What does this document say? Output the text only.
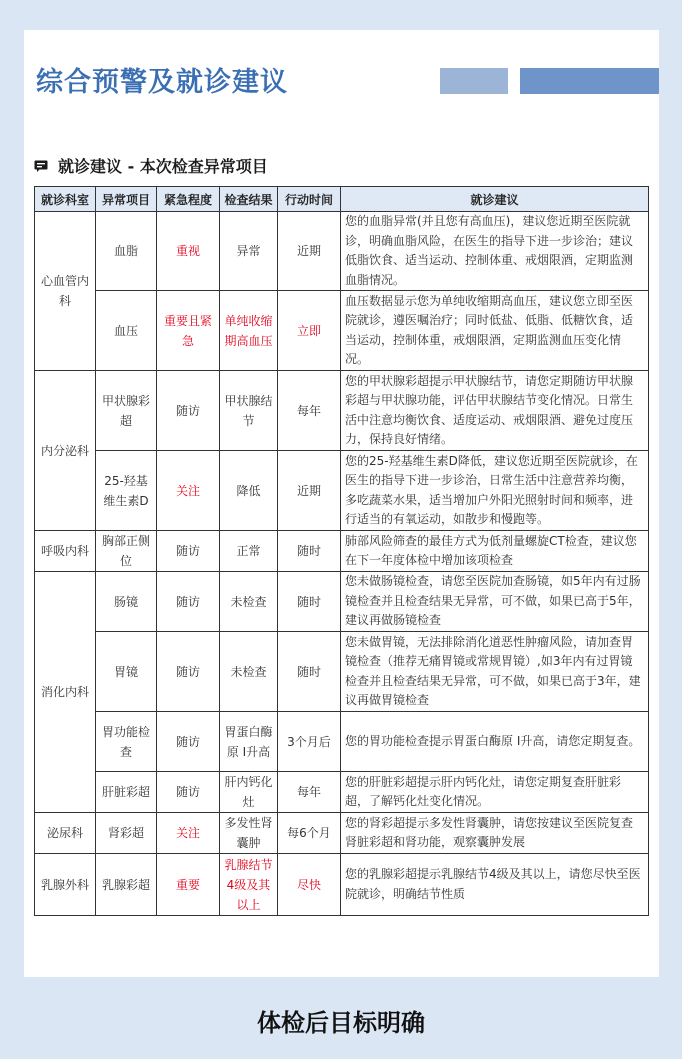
综合预警及就诊建议
就诊建议 - 本次检查异常项目
就诊科室	异常项目	紧急程度	检查结果	行动时间	就诊建议
心血管内科	血脂	重视	异常	近期	您的血脂异常(并且您有高血压)，建议您近期至医院就诊，明确血脂风险，在医生的指导下进一步诊治；建议低脂饮食、适当运动、控制体重、戒烟限酒，定期监测血脂情况。
	血压	重要且紧急	单纯收缩期高血压	立即	血压数据显示您为单纯收缩期高血压，建议您立即至医院就诊，遵医嘱治疗；同时低盐、低脂、低糖饮食，适当运动，控制体重，戒烟限酒，定期监测血压变化情况。
内分泌科	甲状腺彩超	随访	甲状腺结节	每年	您的甲状腺彩超提示甲状腺结节，请您定期随访甲状腺彩超与甲状腺功能，评估甲状腺结节变化情况。日常生活中注意均衡饮食、适度运动、戒烟限酒、避免过度压力，保持良好情绪。
	25-羟基维生素D	关注	降低	近期	您的25-羟基维生素D降低，建议您近期至医院就诊，在医生的指导下进一步诊治，日常生活中注意营养均衡，多吃蔬菜水果，适当增加户外阳光照射时间和频率，进行适当的有氧运动，如散步和慢跑等。
呼吸内科	胸部正侧位	随访	正常	随时	肺部风险筛查的最佳方式为低剂量螺旋CT检查，建议您在下一年度体检中增加该项检查
消化内科	肠镜	随访	未检查	随时	您未做肠镜检查，请您至医院加查肠镜，如5年内有过肠镜检查并且检查结果无异常，可不做，如果已高于5年，建议再做肠镜检查
	胃镜	随访	未检查	随时	您未做胃镜，无法排除消化道恶性肿瘤风险，请加查胃镜检查（推荐无痛胃镜或常规胃镜）,如3年内有过胃镜检查并且检查结果无异常，可不做，如果已高于3年，建议再做胃镜检查
	胃功能检查	随访	胃蛋白酶原 I升高	3个月后	您的胃功能检查提示胃蛋白酶原 I升高，请您定期复查。
	肝脏彩超	随访	肝内钙化灶	每年	您的肝脏彩超提示肝内钙化灶，请您定期复查肝脏彩超，了解钙化灶变化情况。
泌尿科	肾彩超	关注	多发性肾囊肿	每6个月	您的肾彩超提示多发性肾囊肿，请您按建议至医院复查肾脏彩超和肾功能，观察囊肿发展
乳腺外科	乳腺彩超	重要	乳腺结节4级及其以上	尽快	您的乳腺彩超提示乳腺结节4级及其以上，请您尽快至医院就诊，明确结节性质
体检后目标明确
